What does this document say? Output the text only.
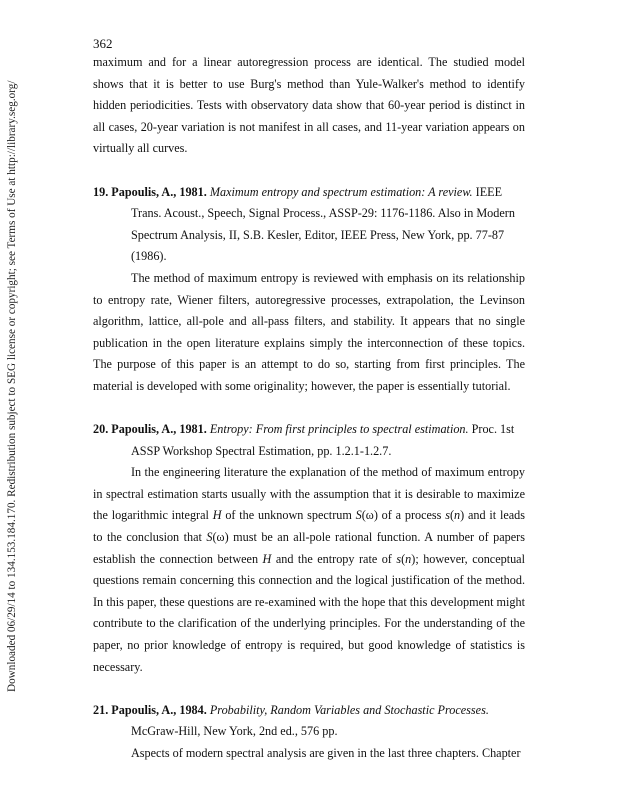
Downloaded 06/29/14 to 134.153.184.170. Redistribution subject to SEG license or copyright; see Terms of Use at http://library.seg.org/
362

maximum and for a linear autoregression process are identical. The studied model shows that it is better to use Burg's method than Yule-Walker's method to identify hidden periodicities. Tests with observatory data show that 60-year period is distinct in all cases, 20-year variation is not manifest in all cases, and 11-year variation appears on virtually all curves.

19. Papoulis, A., 1981. Maximum entropy and spectrum estimation: A review. IEEE Trans. Acoust., Speech, Signal Process., ASSP-29: 1176-1186. Also in Modern Spectrum Analysis, II, S.B. Kesler, Editor, IEEE Press, New York, pp. 77-87 (1986).

The method of maximum entropy is reviewed with emphasis on its relationship to entropy rate, Wiener filters, autoregressive processes, extrapolation, the Levinson algorithm, lattice, all-pole and all-pass filters, and stability. It appears that no single publication in the open literature explains simply the interconnection of these topics. The purpose of this paper is an attempt to do so, starting from first principles. The material is developed with some originality; however, the paper is essentially tutorial.

20. Papoulis, A., 1981. Entropy: From first principles to spectral estimation. Proc. 1st ASSP Workshop Spectral Estimation, pp. 1.2.1-1.2.7.

In the engineering literature the explanation of the method of maximum entropy in spectral estimation starts usually with the assumption that it is desirable to maximize the logarithmic integral H of the unknown spectrum S(ω) of a process s(n) and it leads to the conclusion that S(ω) must be an all-pole rational function. A number of papers establish the connection between H and the entropy rate of s(n); however, conceptual questions remain concerning this connection and the logical justification of the method. In this paper, these questions are re-examined with the hope that this development might contribute to the clarification of the underlying principles. For the understanding of the paper, no prior knowledge of entropy is required, but good knowledge of statistics is necessary.

21. Papoulis, A., 1984. Probability, Random Variables and Stochastic Processes. McGraw-Hill, New York, 2nd ed., 576 pp.

Aspects of modern spectral analysis are given in the last three chapters. Chapter
